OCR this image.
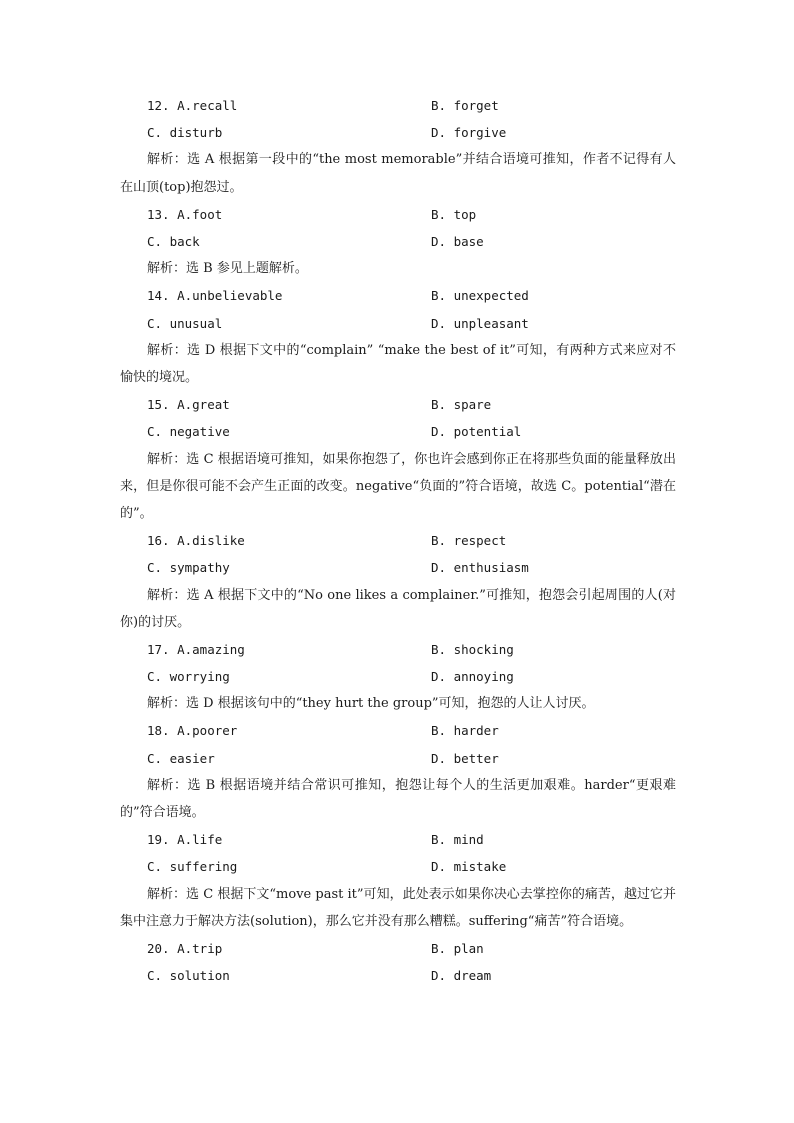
12. A.recall	B. forget
C. disturb	D. forgive
解析：选 A 根据第一段中的“the most memorable”并结合语境可推知，作者不记得有人在山顶(top)抱怨过。
13. A.foot	B. top
C. back	D. base
解析：选 B 参见上题解析。
14. A.unbelievable	B. unexpected
C. unusual	D. unpleasant
解析：选 D 根据下文中的“complain” “make the best of it”可知，有两种方式来应对不愉快的境况。
15. A.great	B. spare
C. negative	D. potential
解析：选 C 根据语境可推知，如果你抱怨了，你也许会感到你正在将那些负面的能量释放出来，但是你很可能不会产生正面的改变。negative“负面的”符合语境，故选 C。potential“潜在的”。
16. A.dislike	B. respect
C. sympathy	D. enthusiasm
解析：选 A 根据下文中的“No one likes a complainer.”可推知，抱怨会引起周围的人(对你)的讨厌。
17. A.amazing	B. shocking
C. worrying	D. annoying
解析：选 D 根据该句中的“they hurt the group”可知，抱怨的人让人讨厌。
18. A.poorer	B. harder
C. easier	D. better
解析：选 B 根据语境并结合常识可推知，抱怨让每个人的生活更加艰难。harder“更艰难的”符合语境。
19. A.life	B. mind
C. suffering	D. mistake
解析：选 C 根据下文“move past it”可知，此处表示如果你决心去掌控你的痛苦，越过它并集中注意力于解决方法(solution)，那么它并没有那么糟糕。suffering“痛苦”符合语境。
20. A.trip	B. plan
C. solution	D. dream
